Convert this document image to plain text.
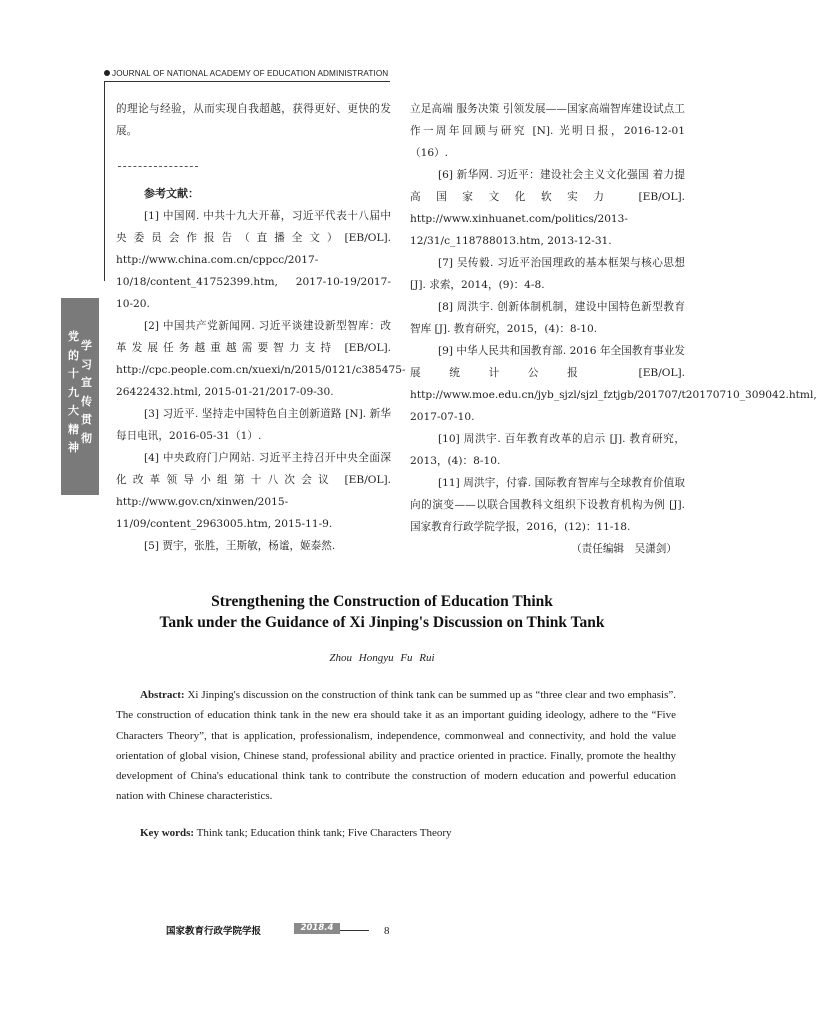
JOURNAL OF NATIONAL ACADEMY OF EDUCATION ADMINISTRATION
学
习
宣
传
贯
彻
党
的
十
九
大
精
神

的理论与经验，从而实现自我超越，获得更好、更快的发展。

参考文献：

[1] 中国网. 中共十九大开幕，习近平代表十八届中央委员会作报告（直播全文）[EB/OL]. http://www.china.com.cn/cppcc/2017-10/18/content_41752399.htm, 2017-10-19/2017-10-20.

[2] 中国共产党新闻网. 习近平谈建设新型智库：改革发展任务越重越需要智力支持 [EB/OL]. http://cpc.people.com.cn/xuexi/n/2015/0121/c385475-26422432.html, 2015-01-21/2017-09-30.

[3] 习近平. 坚持走中国特色自主创新道路 [N]. 新华每日电讯，2016-05-31（1）.

[4] 中央政府门户网站. 习近平主持召开中央全面深化改革领导小组第十八次会议 [EB/OL]. http://www.gov.cn/xinwen/2015-11/09/content_2963005.htm, 2015-11-9.

[5] 贾宇，张胜，王斯敏，杨谧，姬泰然.

立足高端 服务决策 引领发展——国家高端智库建设试点工作一周年回顾与研究 [N]. 光明日报，2016-12-01（16）.

[6] 新华网. 习近平：建设社会主义文化强国 着力提高国家文化软实力 [EB/OL]. http://www.xinhuanet.com/politics/2013-12/31/c_118788013.htm, 2013-12-31.

[7] 吴传毅. 习近平治国理政的基本框架与核心思想 [J]. 求索，2014，(9)：4-8.

[8] 周洪宇. 创新体制机制，建设中国特色新型教育智库 [J]. 教育研究，2015，(4)：8-10.

[9] 中华人民共和国教育部. 2016 年全国教育事业发展统计公报 [EB/OL]. http://www.moe.edu.cn/jyb_sjzl/sjzl_fztjgb/201707/t20170710_309042.html, 2017-07-10.

[10] 周洪宇. 百年教育改革的启示 [J]. 教育研究，2013，(4)：8-10.

[11] 周洪宇，付睿. 国际教育智库与全球教育价值取向的演变——以联合国教科文组织下设教育机构为例 [J]. 国家教育行政学院学报，2016，(12)：11-18.

（责任编辑　吴潇剑）

Strengthening the Construction of Education Think
Tank under the Guidance of Xi Jinping's Discussion on Think Tank
Zhou Hongyu Fu Rui

Abstract: Xi Jinping's discussion on the construction of think tank can be summed up as “three clear and two emphasis”. The construction of education think tank in the new era should take it as an important guiding ideology, adhere to the “Five Characters Theory”, that is application, professionalism, independence, commonweal and connectivity, and hold the value orientation of global vision, Chinese stand, professional ability and practice oriented in practice. Finally, promote the healthy development of China's educational think tank to contribute the construction of modern education and powerful education nation with Chinese characteristics.

Key words: Think tank; Education think tank; Five Characters Theory

国家教育行政学院学报	2018.4	8
